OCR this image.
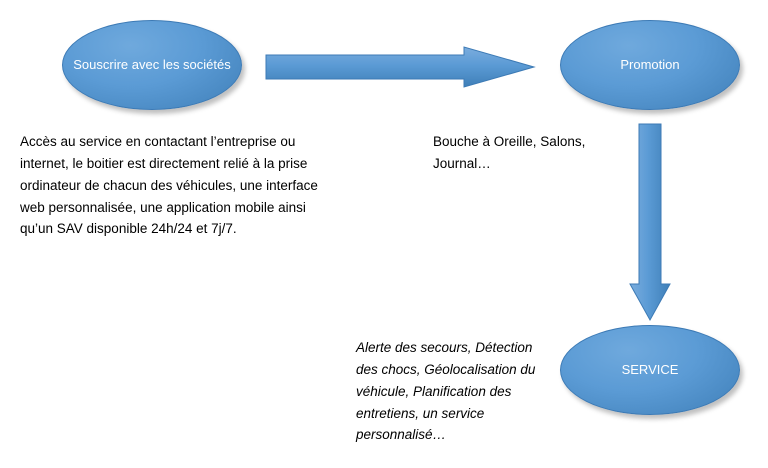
Souscrire avec les sociétés	Promotion
SERVICE
Accès au service en contactant l’entreprise ou internet, le boitier est directement relié à la prise ordinateur de chacun des véhicules, une interface web personnalisée, une application mobile ainsi qu’un SAV disponible 24h/24 et 7j/7.
Bouche à Oreille, Salons, Journal…
Alerte des secours, Détection des chocs, Géolocalisation du véhicule, Planification des entretiens, un service personnalisé…
